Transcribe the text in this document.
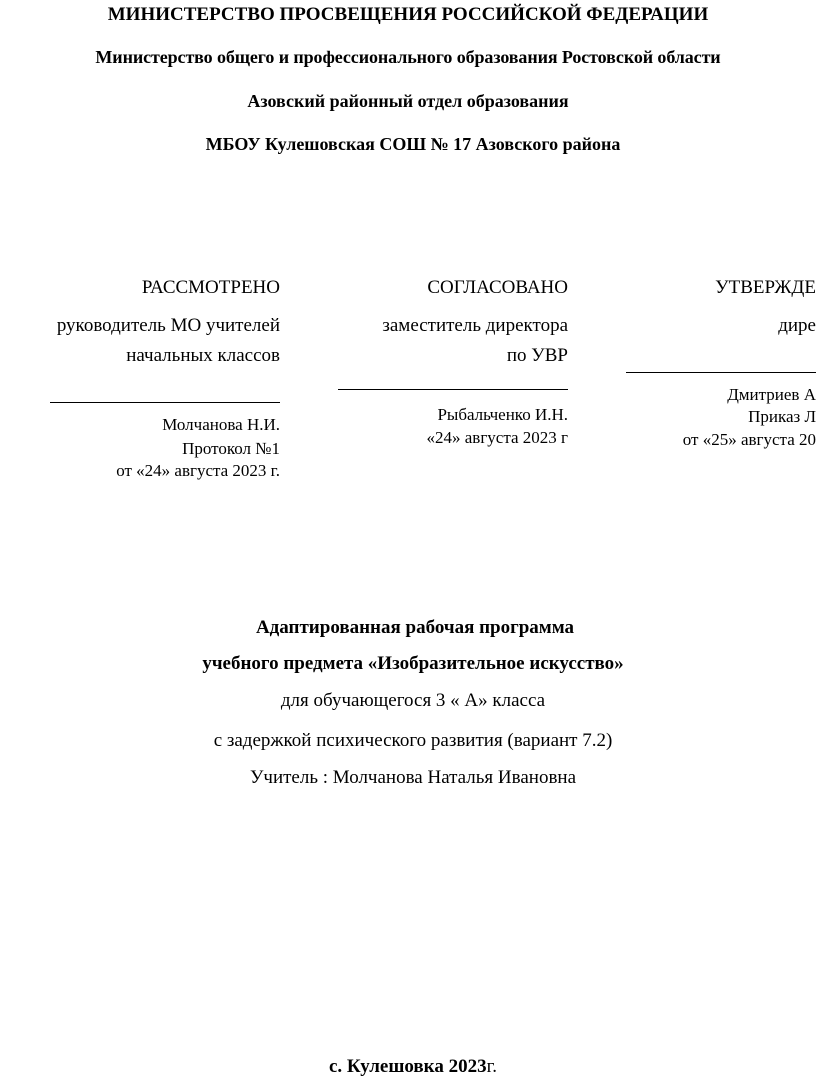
МИНИСТЕРСТВО ПРОСВЕЩЕНИЯ РОССИЙСКОЙ ФЕДЕРАЦИИ
Министерство общего и профессионального образования Ростовской области
Азовский районный отдел образования
МБОУ Кулешовская СОШ № 17 Азовского района
РАССМОТРЕНО
руководитель МО учителей
начальных классов
Молчанова Н.И.
Протокол №1
от «24» августа 2023 г.
СОГЛАСОВАНО
заместитель директора
по УВР
Рыбальченко И.Н.
«24» августа 2023 г
УТВЕРЖДЕ
дире
Дмитриев А
Приказ Л
от «25» августа 20
Адаптированная рабочая программа
учебного предмета «Изобразительное искусство»
для обучающегося 3 « А» класса
с задержкой психического развития (вариант 7.2)
Учитель : Молчанова Наталья Ивановна
с. Кулешовка 2023г.
